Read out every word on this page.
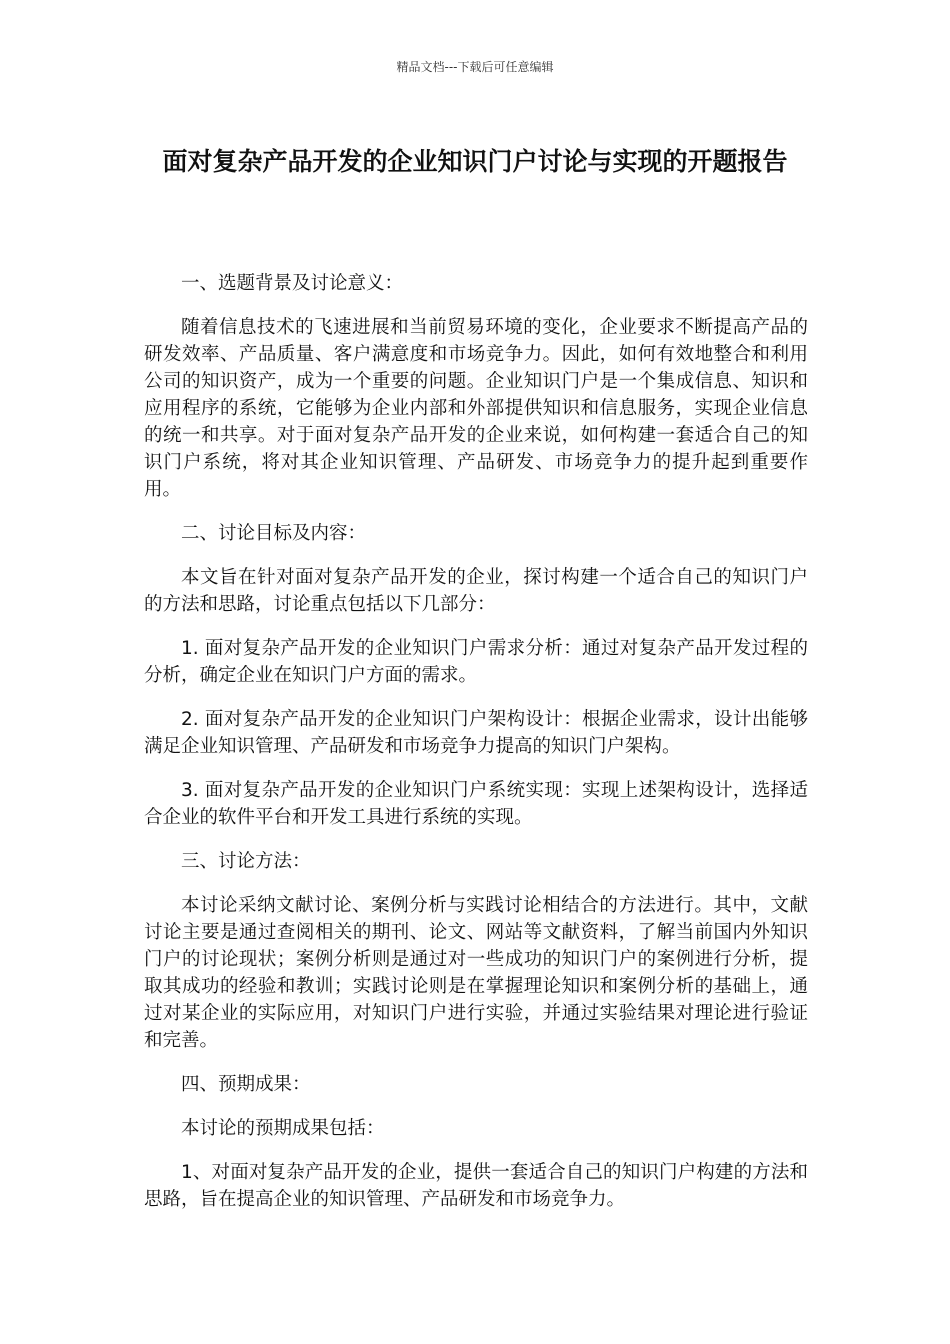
精品文档---下载后可任意编辑
面对复杂产品开发的企业知识门户讨论与实现的开题报告

一、选题背景及讨论意义：

随着信息技术的飞速进展和当前贸易环境的变化，企业要求不断提高产品的研发效率、产品质量、客户满意度和市场竞争力。因此，如何有效地整合和利用公司的知识资产，成为一个重要的问题。企业知识门户是一个集成信息、知识和应用程序的系统，它能够为企业内部和外部提供知识和信息服务，实现企业信息的统一和共享。对于面对复杂产品开发的企业来说，如何构建一套适合自己的知识门户系统，将对其企业知识管理、产品研发、市场竞争力的提升起到重要作用。

二、讨论目标及内容：

本文旨在针对面对复杂产品开发的企业，探讨构建一个适合自己的知识门户的方法和思路，讨论重点包括以下几部分：

1. 面对复杂产品开发的企业知识门户需求分析：通过对复杂产品开发过程的分析，确定企业在知识门户方面的需求。

2. 面对复杂产品开发的企业知识门户架构设计：根据企业需求，设计出能够满足企业知识管理、产品研发和市场竞争力提高的知识门户架构。

3. 面对复杂产品开发的企业知识门户系统实现：实现上述架构设计，选择适合企业的软件平台和开发工具进行系统的实现。

三、讨论方法：

本讨论采纳文献讨论、案例分析与实践讨论相结合的方法进行。其中，文献讨论主要是通过查阅相关的期刊、论文、网站等文献资料，了解当前国内外知识门户的讨论现状；案例分析则是通过对一些成功的知识门户的案例进行分析，提取其成功的经验和教训；实践讨论则是在掌握理论知识和案例分析的基础上，通过对某企业的实际应用，对知识门户进行实验，并通过实验结果对理论进行验证和完善。

四、预期成果：

本讨论的预期成果包括：

1、对面对复杂产品开发的企业，提供一套适合自己的知识门户构建的方法和思路，旨在提高企业的知识管理、产品研发和市场竞争力。
